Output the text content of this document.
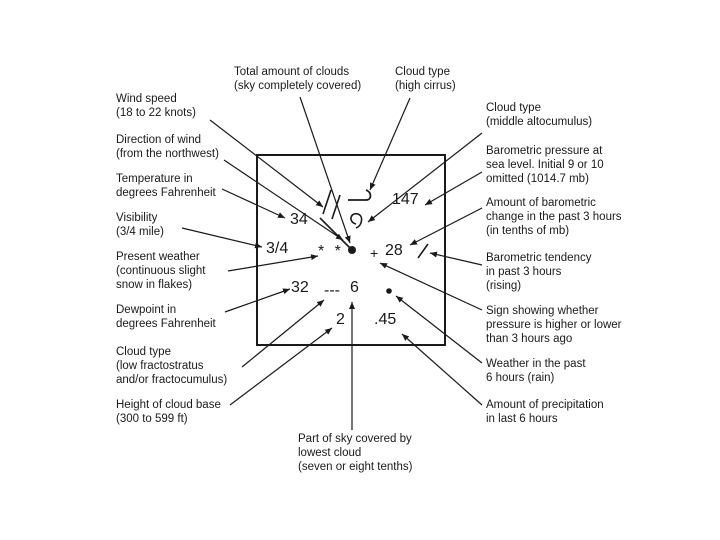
Wind speed
(18 to 22 knots)
Direction of wind
(from the northwest)
Temperature in
degrees Fahrenheit
Visibility
(3/4 mile)
Present weather
(continuous slight
snow in flakes)
Dewpoint in
degrees Fahrenheit
Cloud type
(low fractostratus
and/or fractocumulus)
Height of cloud base
(300 to 599 ft)
Total amount of clouds
(sky completely covered)
Cloud type
(high cirrus)
Cloud type
(middle altocumulus)
Barometric pressure at
sea level. Initial 9 or 10
omitted (1014.7 mb)
Amount of barometric
change in the past 3 hours
(in tenths of mb)
Barometric tendency
in past 3 hours
(rising)
Sign showing whether
pressure is higher or lower
than 3 hours ago
Weather in the past
6 hours (rain)
Amount of precipitation
in last 6 hours
Part of sky covered by
lowest cloud
(seven or eight tenths)
34
3/4 * *
32 --- 6
2
147
+ 28
.45
